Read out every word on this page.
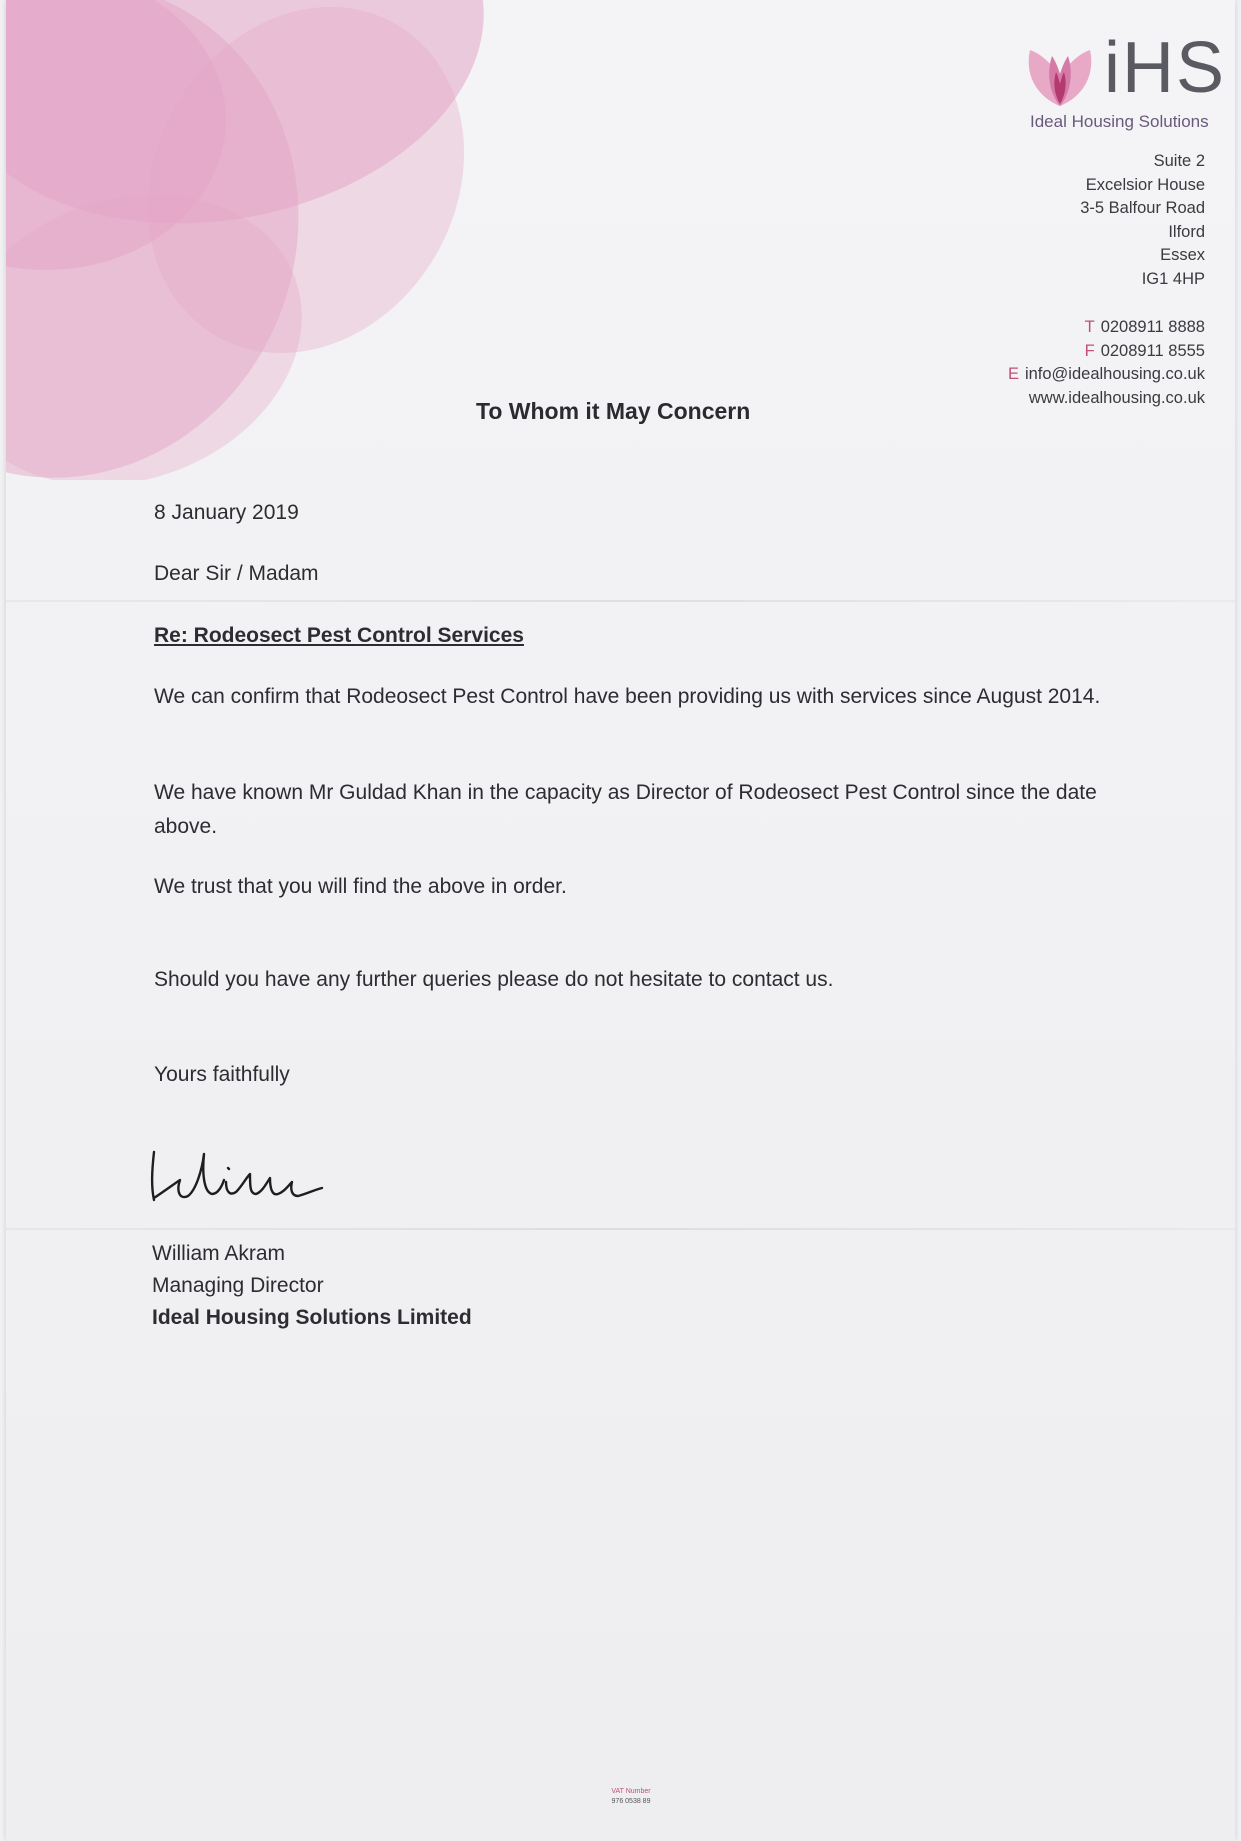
iHS
Ideal Housing Solutions
Suite 2
Excelsior House
3-5 Balfour Road
Ilford
Essex
IG1 4HP
T 0208911 8888
F 0208911 8555
E info@idealhousing.co.uk
www.idealhousing.co.uk
To Whom it May Concern
8 January 2019
Dear Sir / Madam
Re: Rodeosect Pest Control Services
We can confirm that Rodeosect Pest Control have been providing us with services since August 2014.
We have known Mr Guldad Khan in the capacity as Director of Rodeosect Pest Control since the date above.
We trust that you will find the above in order.
Should you have any further queries please do not hesitate to contact us.
Yours faithfully
William Akram
Managing Director
Ideal Housing Solutions Limited
VAT Number
976 0538 89
